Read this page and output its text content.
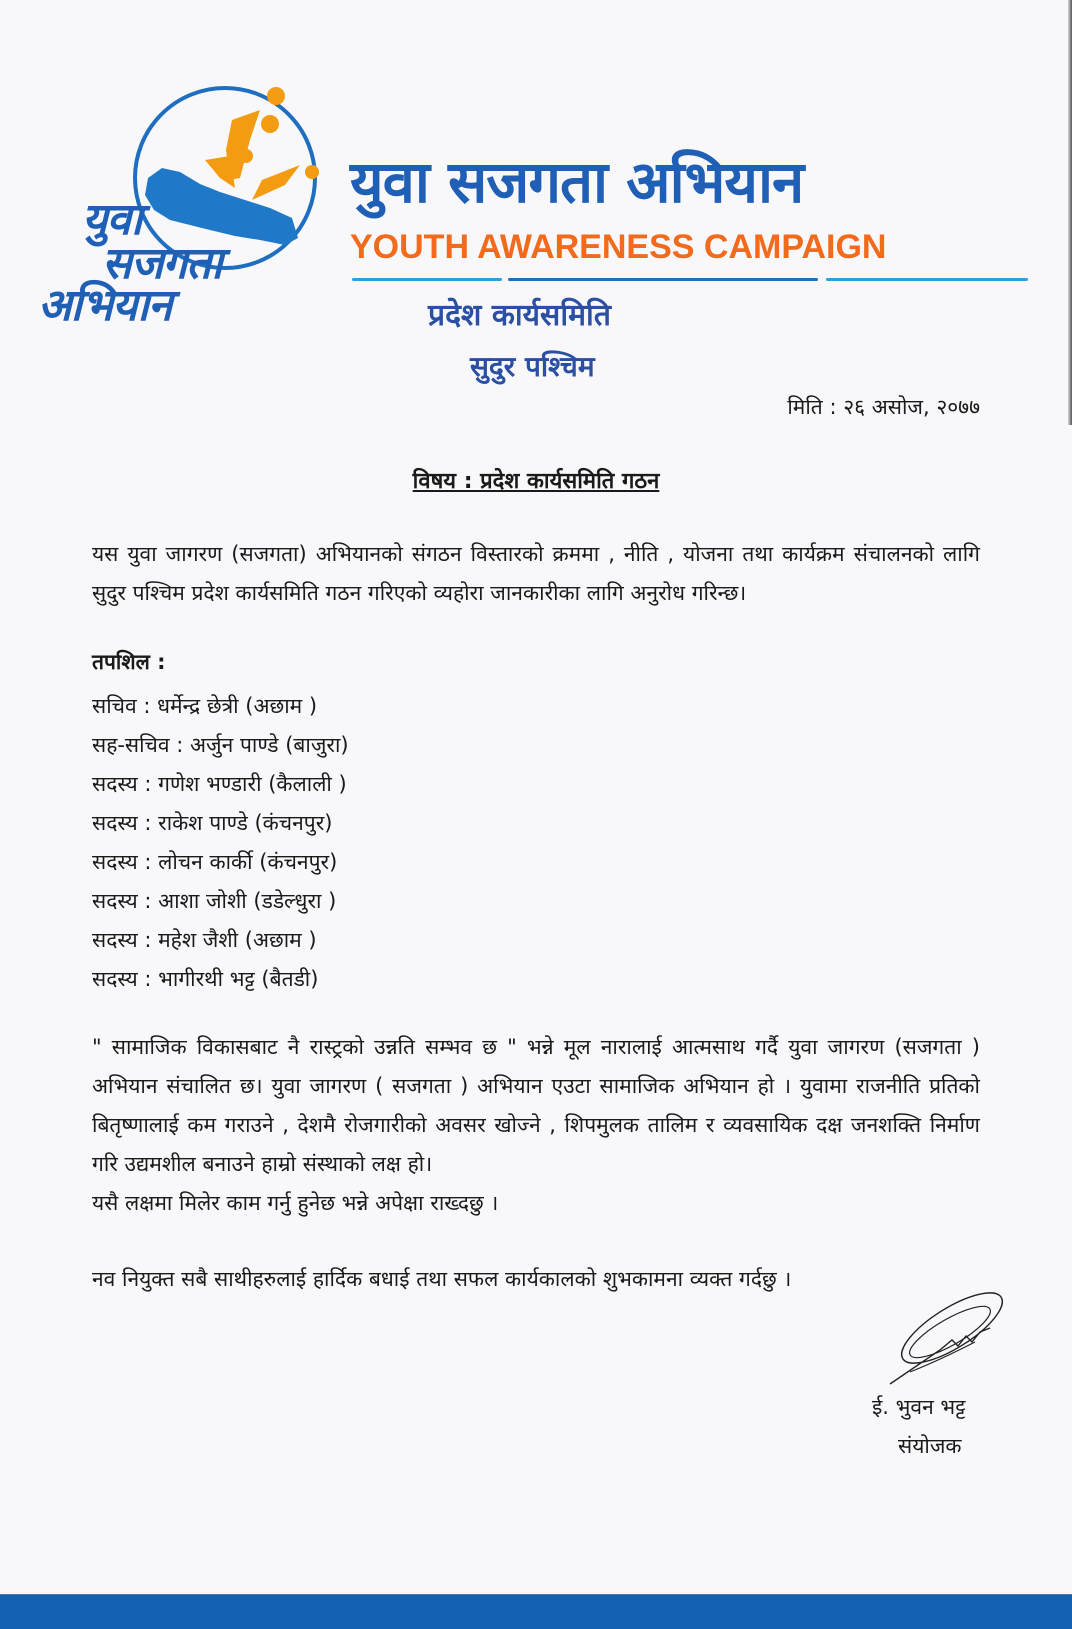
युवा
सजगता
अभियान
युवा सजगता अभियान
YOUTH AWARENESS CAMPAIGN
प्रदेश कार्यसमिति
सुदुर पश्चिम
मिति : २६ असोज, २०७७
विषय : प्रदेश कार्यसमिति गठन
यस युवा जागरण (सजगता) अभियानको संगठन विस्तारको क्रममा , नीति , योजना तथा कार्यक्रम संचालनको लागि सुदुर पश्चिम प्रदेश कार्यसमिति गठन गरिएको व्यहोरा जानकारीका लागि अनुरोध गरिन्छ।
तपशिल :
सचिव : धर्मेन्द्र छेत्री (अछाम )
सह-सचिव : अर्जुन पाण्डे (बाजुरा)
सदस्य : गणेश भण्डारी (कैलाली )
सदस्य : राकेश पाण्डे (कंचनपुर)
सदस्य : लोचन कार्की (कंचनपुर)
सदस्य : आशा जोशी (डडेल्धुरा )
सदस्य : महेश जैशी (अछाम )
सदस्य : भागीरथी भट्ट (बैतडी)
" सामाजिक विकासबाट नै रास्ट्रको उन्नति सम्भव छ " भन्ने मूल नारालाई आत्मसाथ गर्दै युवा जागरण (सजगता ) अभियान संचालित छ। युवा जागरण ( सजगता ) अभियान एउटा सामाजिक अभियान हो । युवामा राजनीति प्रतिको बितृष्णालाई कम गराउने , देशमै रोजगारीको अवसर खोज्ने , शिपमुलक तालिम र व्यवसायिक दक्ष जनशक्ति निर्माण गरि उद्यमशील बनाउने हाम्रो संस्थाको लक्ष हो।
यसै लक्षमा मिलेर काम गर्नु हुनेछ भन्ने अपेक्षा राख्दछु ।
नव नियुक्त सबै साथीहरुलाई हार्दिक बधाई तथा सफल कार्यकालको शुभकामना व्यक्त गर्दछु ।
ई. भुवन भट्ट
संयोजक
